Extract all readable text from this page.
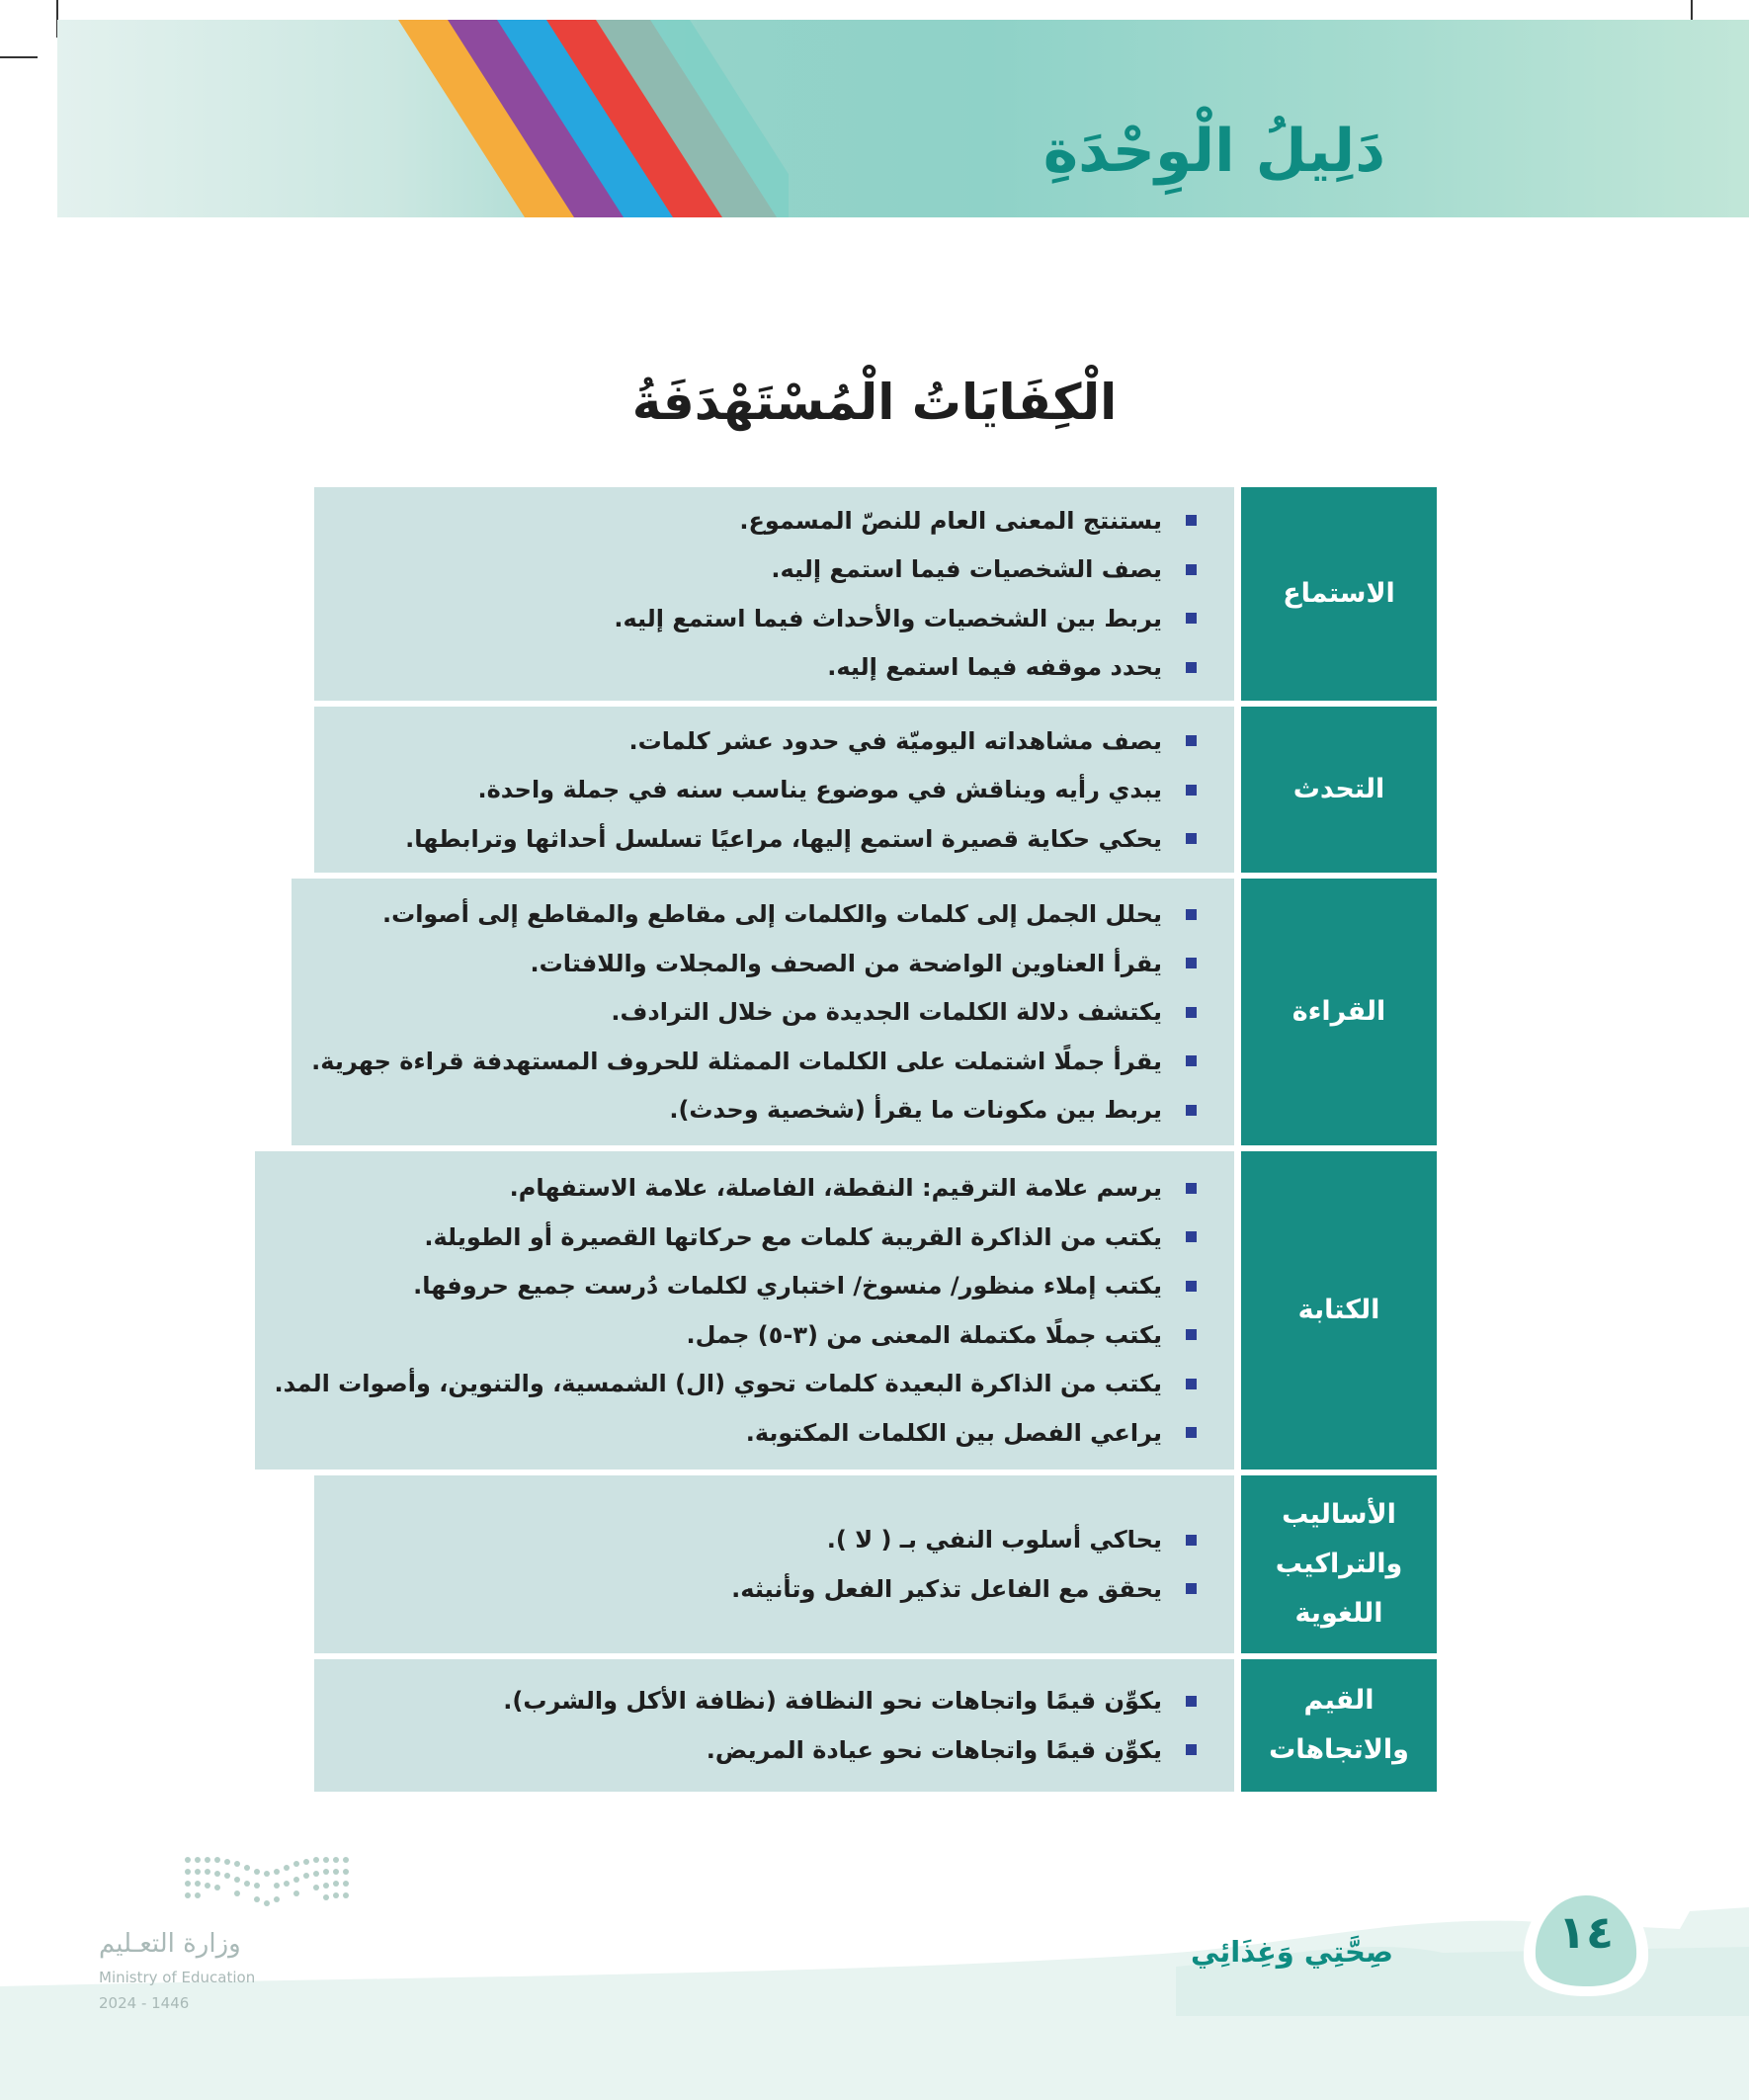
دَلِيلُ الْوِحْدَةِ
الْكِفَايَاتُ الْمُسْتَهْدَفَةُ
الاستماع
يستنتج المعنى العام للنصّ المسموع.
يصف الشخصيات فيما استمع إليه.
يربط بين الشخصيات والأحداث فيما استمع إليه.
يحدد موقفه فيما استمع إليه.
التحدث
يصف مشاهداته اليوميّة في حدود عشر كلمات.
يبدي رأيه ويناقش في موضوع يناسب سنه في جملة واحدة.
يحكي حكاية قصيرة استمع إليها، مراعيًا تسلسل أحداثها وترابطها.
القراءة
يحلل الجمل إلى كلمات والكلمات إلى مقاطع والمقاطع إلى أصوات.
يقرأ العناوين الواضحة من الصحف والمجلات واللافتات.
يكتشف دلالة الكلمات الجديدة من خلال الترادف.
يقرأ جملًا اشتملت على الكلمات الممثلة للحروف المستهدفة قراءة جهرية.
يربط بين مكونات ما يقرأ (شخصية وحدث).
الكتابة
يرسم علامة الترقيم: النقطة، الفاصلة، علامة الاستفهام.
يكتب من الذاكرة القريبة كلمات مع حركاتها القصيرة أو الطويلة.
يكتب إملاء منظور/ منسوخ/ اختباري لكلمات دُرست جميع حروفها.
يكتب جملًا مكتملة المعنى من (٣-٥) جمل.
يكتب من الذاكرة البعيدة كلمات تحوي (ال) الشمسية، والتنوين، وأصوات المد.
يراعي الفصل بين الكلمات المكتوبة.
الأساليب
والتراكيب
اللغوية
يحاكي أسلوب النفي بـ ( لا ).
يحقق مع الفاعل تذكير الفعل وتأنيثه.
القيم
والاتجاهات
يكوِّن قيمًا واتجاهات نحو النظافة (نظافة الأكل والشرب).
يكوِّن قيمًا واتجاهات نحو عيادة المريض.
١٤
صِحَّتِي وَغِذَائِي
وزارة التعـليم
Ministry of Education
2024 - 1446
